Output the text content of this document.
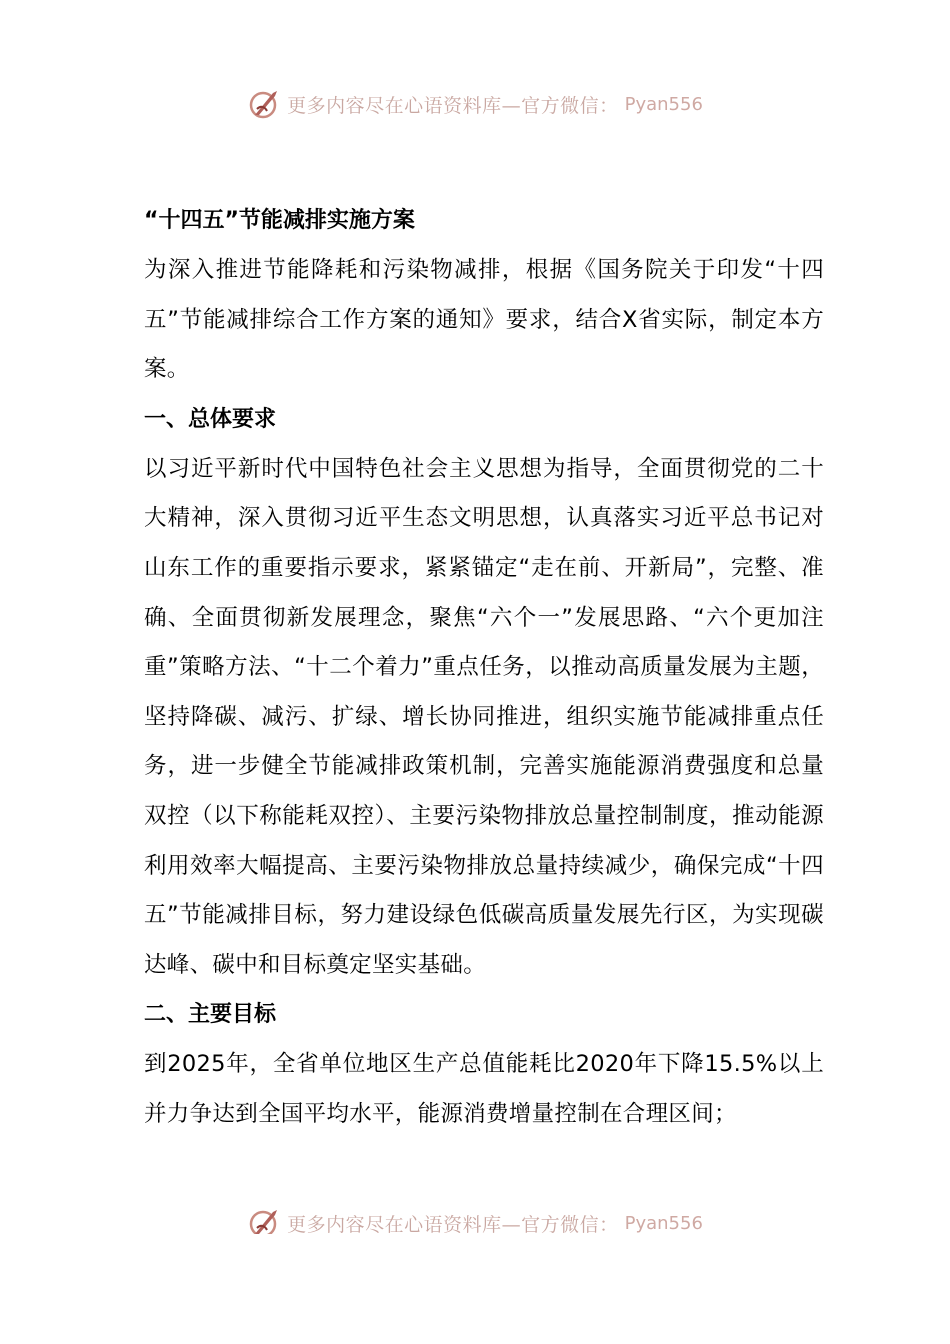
更多内容尽在心语资料库—官方微信： Pyan556

“十四五”节能减排实施方案

为深入推进节能降耗和污染物减排，根据《国务院关于印发“十四五”节能减排综合工作方案的通知》要求，结合X省实际，制定本方案。

一、总体要求

以习近平新时代中国特色社会主义思想为指导，全面贯彻党的二十大精神，深入贯彻习近平生态文明思想，认真落实习近平总书记对山东工作的重要指示要求，紧紧锚定“走在前、开新局”，完整、准确、全面贯彻新发展理念，聚焦“六个一”发展思路、“六个更加注重”策略方法、“十二个着力”重点任务，以推动高质量发展为主题，坚持降碳、减污、扩绿、增长协同推进，组织实施节能减排重点任务，进一步健全节能减排政策机制，完善实施能源消费强度和总量双控（以下称能耗双控）、主要污染物排放总量控制制度，推动能源利用效率大幅提高、主要污染物排放总量持续减少，确保完成“十四五”节能减排目标，努力建设绿色低碳高质量发展先行区，为实现碳达峰、碳中和目标奠定坚实基础。

二、主要目标

到2025年，全省单位地区生产总值能耗比2020年下降15.5%以上并力争达到全国平均水平，能源消费增量控制在合理区间；

更多内容尽在心语资料库—官方微信： Pyan556
